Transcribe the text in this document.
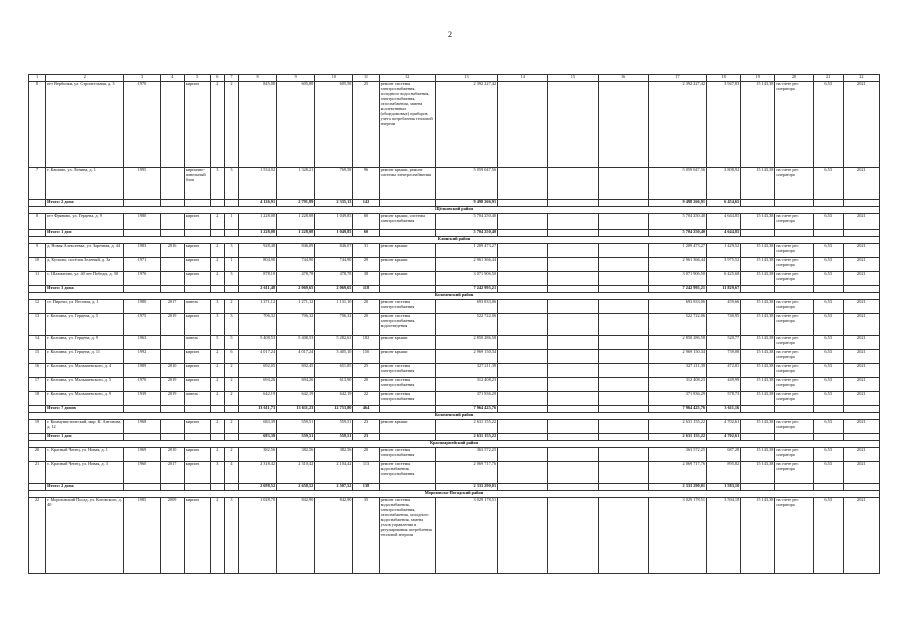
2
1	2	3	4	5	6	7	8	9	10	11	12	13	14	15	16	17	18	19	20	21	22
8	пгт Вербилки, ул. Строительная, д. 3	1970		кирпич	2	2	845,08	605,88	605,58	25	ремонт системы электроснабжения, холодного водоснабжения, электроснабжения, газоснабжения, замена коллективных (общедомовых) приборов учета потребления тепловой энергии	2 392 227,42				2 392 227,42	3 947,83	15 143,38	на счете рег. оператора	6,53	2021
7	г. Кашино, ул. Ленина, д. 1	1995		кирпично-панельный блок	3	3	1 534,92	1 328,21	769,58	96	ремонт крыши, ремонт системы электроснабжения	5 059 047,56				5 059 047,56	3 808,92	15 143,38	на счете рег. оператора	6,53	2021
	Итого: 2 дома						4 126,91	2 791,89	2 335,13	142		9 498 266,91				9 498 266,91	6 454,65				
Щёлковский район																					
8	пгт Фряново, ул. Герцена, д. 9	1980		кирпич	2	1	1 228,08	1 228,08	1 049,85	60	ремонт крыши, системы электроснабжения	5 704 250,40				5 704 250,40	4 644,85	15 143,38	на счете рег. оператора	6,53	2021
	Итого: 1 дом						1 228,08	1 228,08	1 049,85	60		5 704 250,40				5 704 250,40	4 644,85				
Клинский район																					
9	д. Новая Алексеевка, ул. Заречная, д. 44	1983	2016	кирпич	2	3	928,48	846,09	846,07	31	ремонт крыши	1 209 473,27				1 209 473,27	1 429,52	15 143,38	на счете рег. оператора	6,53	2021
10	д. Кусково, посёлок Зеленый, д. 3а	1971		кирпич	2	1	804,90	744,90	744,90	29	ремонт крыши	2 961 366,44				2 961 366,44	3 975,52	15 143,38	на счете рег. оператора	6,53	2021
11	с. Шахматово, ул. 40 лет Победы, д. 30	1976		кирпич	2	3	878,10	478,78	478,78	38	ремонт крыши	3 071 906,50				3 071 906,50	6 425,68	15 143,38	на счете рег. оператора	6,53	2021
	Итого: 3 дома						2 611,48	2 069,65	2 069,65	118		7 242 995,21				7 242 995,21	11 829,67				
Коломенский район																					
12	ст. Пирочи, ул. Весовая, д. 1	1980	2017	панель	3	2	1 371,12	1 271,12	1 131,10	20	ремонт системы электроснабжения	693 833,06				693 833,06	459,66	15 143,38	на счете рег. оператора	6,53	2021
13	г. Коломна, ул. Герцена, д. 5	1975	2019	кирпич	3	3	706,32	706,32	706,32	20	ремонт системы электроснабжения, водоотведения	522 722,06				522 722,06	740,95	15 143,38	на счете рег. оператора	6,53	2021
14	г. Коломна, ул. Герцена, д. 9	1963		панель	5	5	5 408,53	5 408,53	5 282,61	182	ремонт крыши	2 850 286,58				2 850 286,58	520,77	15 143,38	на счете рег. оператора	6,53	2021
15	г. Коломна, ул. Герцена, д. 11	1992		кирпич	2	6	4 017,24	4 017,24	3 405,10	150	ремонт крыши	2 969 150,34				2 969 150,34	739,08	15 143,38	на счете рег. оператора	6,53	2021
16	г. Коломна, ул. Малышевского, д. 4	1989	2010	кирпич	2	2	692,05	692,45	651,85	25	ремонт системы электроснабжения	327 211,39				327 211,39	472,81	15 143,38	на счете рег. оператора	6,53	2021
17	г. Коломна, ул. Малышевского, д. 5	1970	2019	кирпич	2	2	694,26	694,26	613,90	20	ремонт системы электроснабжения	312 408,23				312 408,23	449,99	15 143,38	на счете рег. оператора	6,53	2021
18	г. Коломна, ул. Малышевского, д. 9	1939	2019	панель	2	2	642,19	642,19	642,19	22	ремонт системы электроснабжения	371 836,29				371 836,29	578,73	15 143,38	на счете рег. оператора	6,53	2021
	Итого: 7 домов						13 611,73	13 611,23	12 753,80	464		7 964 425,76				7 964 425,76	3 611,16				
Коломенский район																					
19	г. Коммунистический, мкр. К. Антонова, д. 12	1968		кирпич	2	2	683,39	559,51	559,51	23	ремонт крыши	2 631 155,22				2 631 155,22	4 702,61	15 143,38	на счете рег. оператора	6,53	2021
	Итого: 1 дом						683,39	559,51	559,51	23		2 631 155,22				2 631 155,22	4 702,61				
Красноармейский район																					
20	с. Красный Чепец, ул. Новая, д. 1	1969	2010	кирпич	2	2	382,56	382,56	382,56	20	ремонт системы электроснабжения	363 572,25				363 572,25	687,28	15 143,38	на счете рег. оператора	6,53	2021
21	с. Красный Чепец, ул. Новая, д. 3	1960	2017	кирпич	3	4	2 318,42	2 310,42	2 104,42	113	ремонт системы водоснабжения, электроснабжения	2 069 717,76				2 069 717,76	895,82	15 143,38	на счете рег. оператора	6,53	2021
	Итого: 2 дома						2 698,52	2 658,52	2 507,52	138		2 333 290,01				2 333 290,01	1 583,10				
Морозовско-Посадский район																					
22	г. Морозовский Посад, ул. Котовского, д. 40	1985	2009	кирпич	2	3	1 028,70	842,90	842,90	35	ремонт системы водоснабжения, электроснабжения, газоснабжения, холодного водоснабжения, замена узлов управления и регулирования потребления тепловой энергии	3 029 178,51				3 029 178,51	3 594,18	15 143,38	на счете рег. оператора	6,53	2021
